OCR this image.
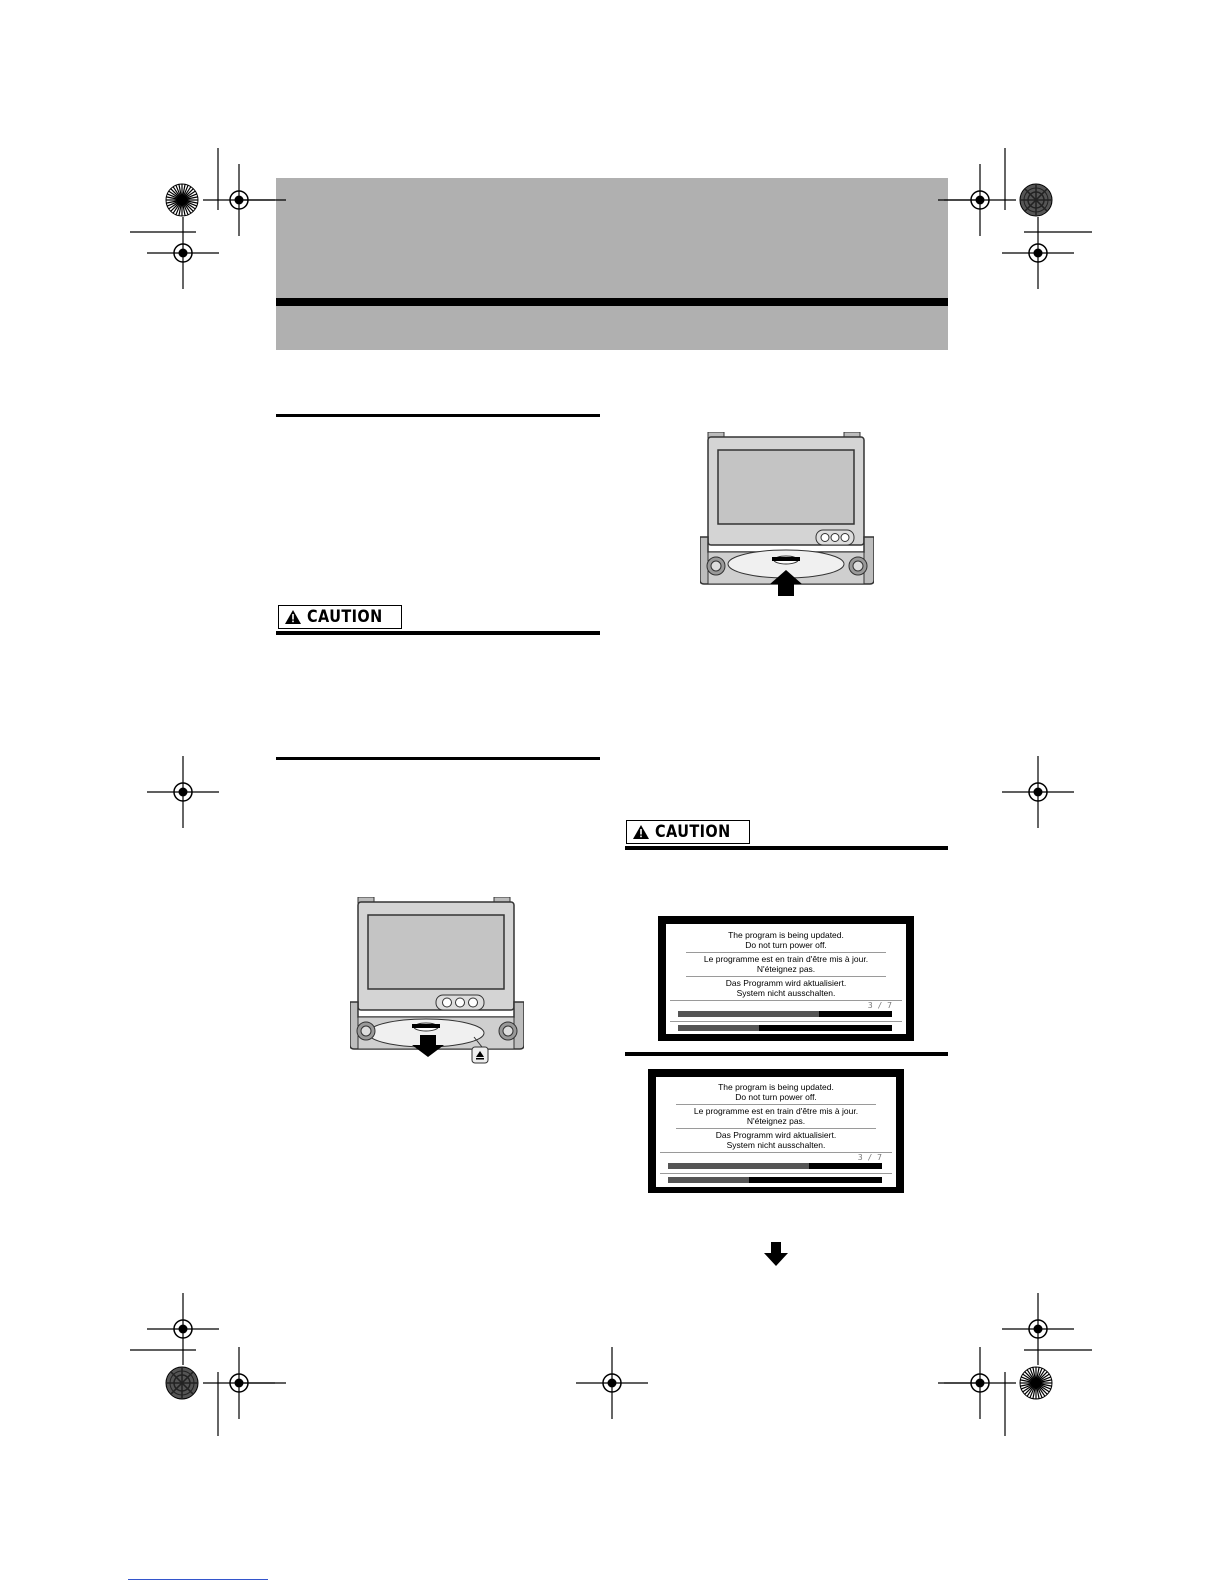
CAUTION
CAUTION
The program is being updated.
Do not turn power off.
Le programme est en train d'être mis à jour.
N'éteignez pas.
Das Programm wird aktualisiert.
System nicht ausschalten.
3 / 7
The program is being updated.
Do not turn power off.
Le programme est en train d'être mis à jour.
N'éteignez pas.
Das Programm wird aktualisiert.
System nicht ausschalten.
3 / 7
